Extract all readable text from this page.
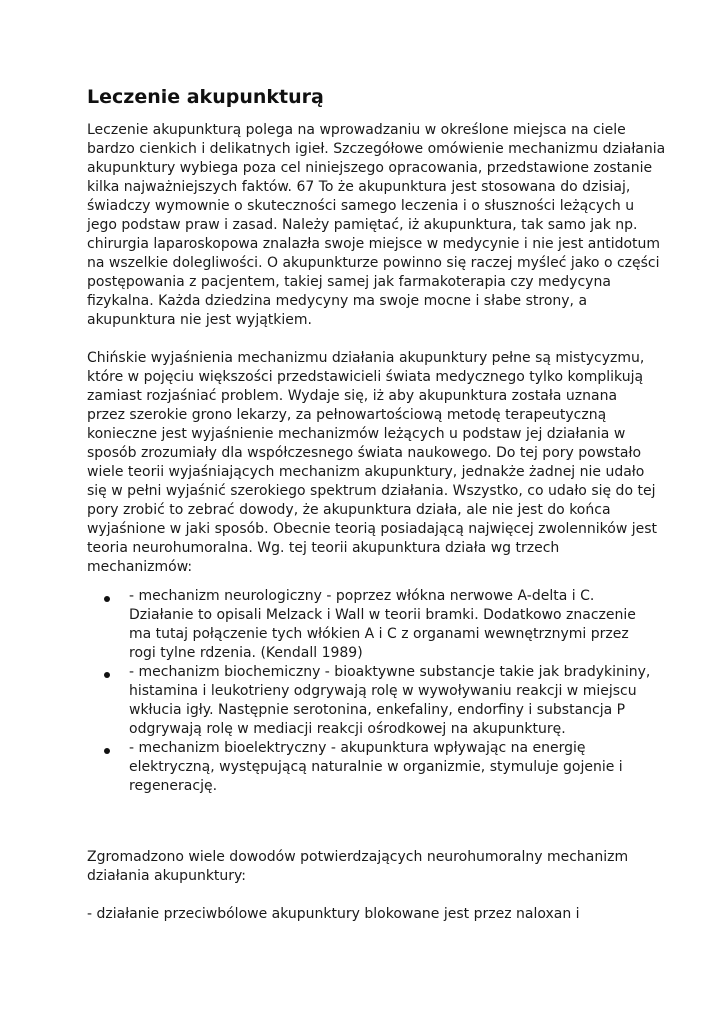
Leczenie akupunkturą
Leczenie akupunkturą polega na wprowadzaniu w określone miejsca na ciele
bardzo cienkich i delikatnych igieł. Szczegółowe omówienie mechanizmu działania
akupunktury wybiega poza cel niniejszego opracowania, przedstawione zostanie
kilka najważniejszych faktów. 67 To że akupunktura jest stosowana do dzisiaj,
świadczy wymownie o skuteczności samego leczenia i o słuszności leżących u
jego podstaw praw i zasad. Należy pamiętać, iż akupunktura, tak samo jak np.
chirurgia laparoskopowa znalazła swoje miejsce w medycynie i nie jest antidotum
na wszelkie dolegliwości. O akupunkturze powinno się raczej myśleć jako o części
postępowania z pacjentem, takiej samej jak farmakoterapia czy medycyna
fizykalna. Każda dziedzina medycyny ma swoje mocne i słabe strony, a
akupunktura nie jest wyjątkiem.
Chińskie wyjaśnienia mechanizmu działania akupunktury pełne są mistycyzmu,
które w pojęciu większości przedstawicieli świata medycznego tylko komplikują
zamiast rozjaśniać problem. Wydaje się, iż aby akupunktura została uznana
przez szerokie grono lekarzy, za pełnowartościową metodę terapeutyczną
konieczne jest wyjaśnienie mechanizmów leżących u podstaw jej działania w
sposób zrozumiały dla współczesnego świata naukowego. Do tej pory powstało
wiele teorii wyjaśniających mechanizm akupunktury, jednakże żadnej nie udało
się w pełni wyjaśnić szerokiego spektrum działania. Wszystko, co udało się do tej
pory zrobić to zebrać dowody, że akupunktura działa, ale nie jest do końca
wyjaśnione w jaki sposób. Obecnie teorią posiadającą najwięcej zwolenników jest
teoria neurohumoralna. Wg. tej teorii akupunktura działa wg trzech
mechanizmów:
- mechanizm neurologiczny - poprzez włókna nerwowe A-delta i C.
Działanie to opisali Melzack i Wall w teorii bramki. Dodatkowo znaczenie
ma tutaj połączenie tych włókien A i C z organami wewnętrznymi przez
rogi tylne rdzenia. (Kendall 1989)
- mechanizm biochemiczny - bioaktywne substancje takie jak bradykininy,
histamina i leukotrieny odgrywają rolę w wywoływaniu reakcji w miejscu
wkłucia igły. Następnie serotonina, enkefaliny, endorfiny i substancja P
odgrywają rolę w mediacji reakcji ośrodkowej na akupunkturę.
- mechanizm bioelektryczny - akupunktura wpływając na energię
elektryczną, występującą naturalnie w organizmie, stymuluje gojenie i
regenerację.
Zgromadzono wiele dowodów potwierdzających neurohumoralny mechanizm
działania akupunktury:
- działanie przeciwbólowe akupunktury blokowane jest przez naloxan i
